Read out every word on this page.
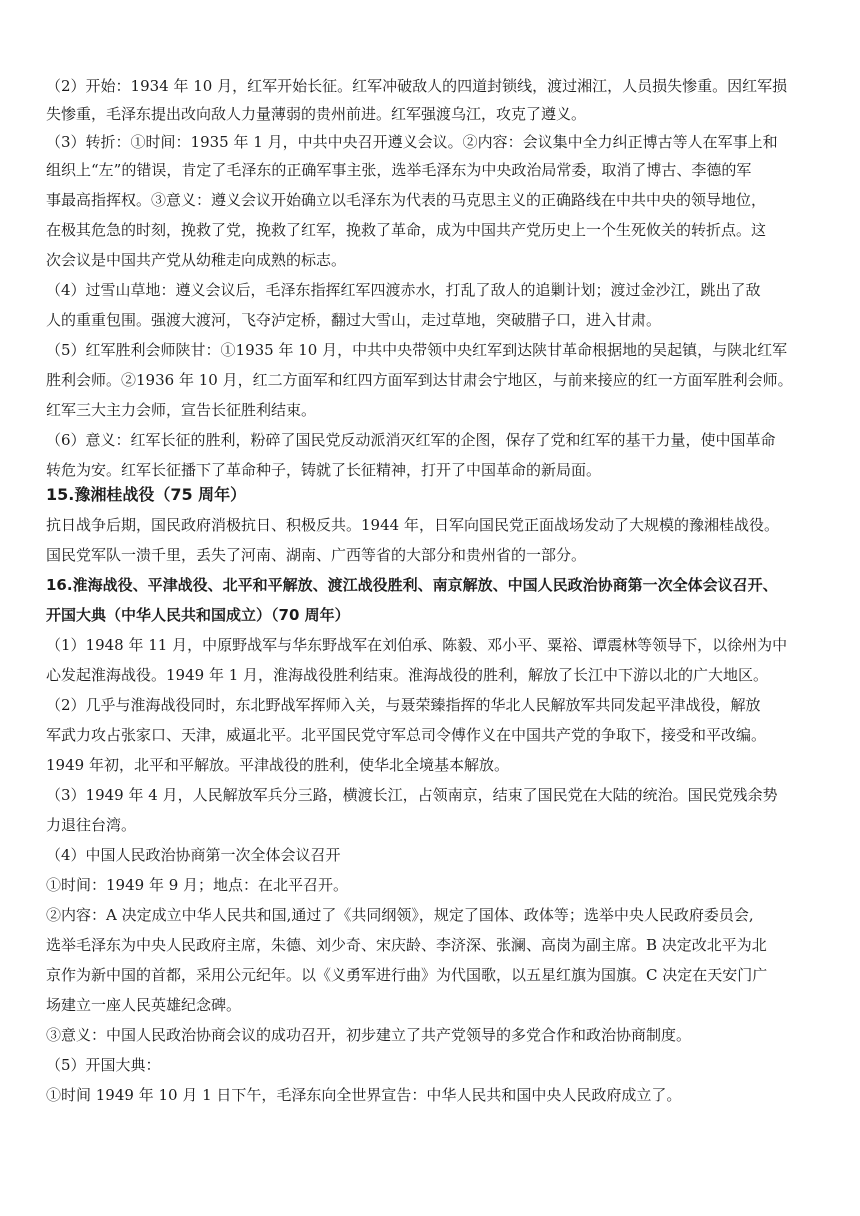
（2）开始：1934 年 10 月，红军开始长征。红军冲破敌人的四道封锁线，渡过湘江，人员损失惨重。因红军损
失惨重，毛泽东提出改向敌人力量薄弱的贵州前进。红军强渡乌江，攻克了遵义。
（3）转折：①时间：1935 年 1 月，中共中央召开遵义会议。②内容：会议集中全力纠正博古等人在军事上和
组织上“左”的错误，肯定了毛泽东的正确军事主张，选举毛泽东为中央政治局常委，取消了博古、李德的军
事最高指挥权。③意义：遵义会议开始确立以毛泽东为代表的马克思主义的正确路线在中共中央的领导地位，
在极其危急的时刻，挽救了党，挽救了红军，挽救了革命，成为中国共产党历史上一个生死攸关的转折点。这
次会议是中国共产党从幼稚走向成熟的标志。
（4）过雪山草地：遵义会议后，毛泽东指挥红军四渡赤水，打乱了敌人的追剿计划；渡过金沙江，跳出了敌
人的重重包围。强渡大渡河，飞夺泸定桥，翻过大雪山，走过草地，突破腊子口，进入甘肃。
（5）红军胜利会师陕甘：①1935 年 10 月，中共中央带领中央红军到达陕甘革命根据地的吴起镇，与陕北红军
胜利会师。②1936 年 10 月，红二方面军和红四方面军到达甘肃会宁地区，与前来接应的红一方面军胜利会师。
红军三大主力会师，宣告长征胜利结束。
（6）意义：红军长征的胜利，粉碎了国民党反动派消灭红军的企图，保存了党和红军的基干力量，使中国革命
转危为安。红军长征播下了革命种子，铸就了长征精神，打开了中国革命的新局面。
15.豫湘桂战役（75 周年）
抗日战争后期，国民政府消极抗日、积极反共。1944 年，日军向国民党正面战场发动了大规模的豫湘桂战役。
国民党军队一溃千里，丢失了河南、湖南、广西等省的大部分和贵州省的一部分。
16.淮海战役、平津战役、北平和平解放、渡江战役胜利、南京解放、中国人民政治协商第一次全体会议召开、
开国大典（中华人民共和国成立）（70 周年）
（1）1948 年 11 月，中原野战军与华东野战军在刘伯承、陈毅、邓小平、粟裕、谭震林等领导下，以徐州为中
心发起淮海战役。1949 年 1 月，淮海战役胜利结束。淮海战役的胜利，解放了长江中下游以北的广大地区。
（2）几乎与淮海战役同时，东北野战军挥师入关，与聂荣臻指挥的华北人民解放军共同发起平津战役，解放
军武力攻占张家口、天津，威逼北平。北平国民党守军总司令傅作义在中国共产党的争取下，接受和平改编。
1949 年初，北平和平解放。平津战役的胜利，使华北全境基本解放。
（3）1949 年 4 月，人民解放军兵分三路，横渡长江，占领南京，结束了国民党在大陆的统治。国民党残余势
力退往台湾。
（4）中国人民政治协商第一次全体会议召开
①时间：1949 年 9 月；地点：在北平召开。
②内容：A 决定成立中华人民共和国,通过了《共同纲领》，规定了国体、政体等；选举中央人民政府委员会,
选举毛泽东为中央人民政府主席，朱德、刘少奇、宋庆龄、李济深、张澜、高岗为副主席。B 决定改北平为北
京作为新中国的首都，采用公元纪年。以《义勇军进行曲》为代国歌，以五星红旗为国旗。C 决定在天安门广
场建立一座人民英雄纪念碑。
③意义：中国人民政治协商会议的成功召开，初步建立了共产党领导的多党合作和政治协商制度。
（5）开国大典：
①时间 1949 年 10 月 1 日下午，毛泽东向全世界宣告：中华人民共和国中央人民政府成立了。
